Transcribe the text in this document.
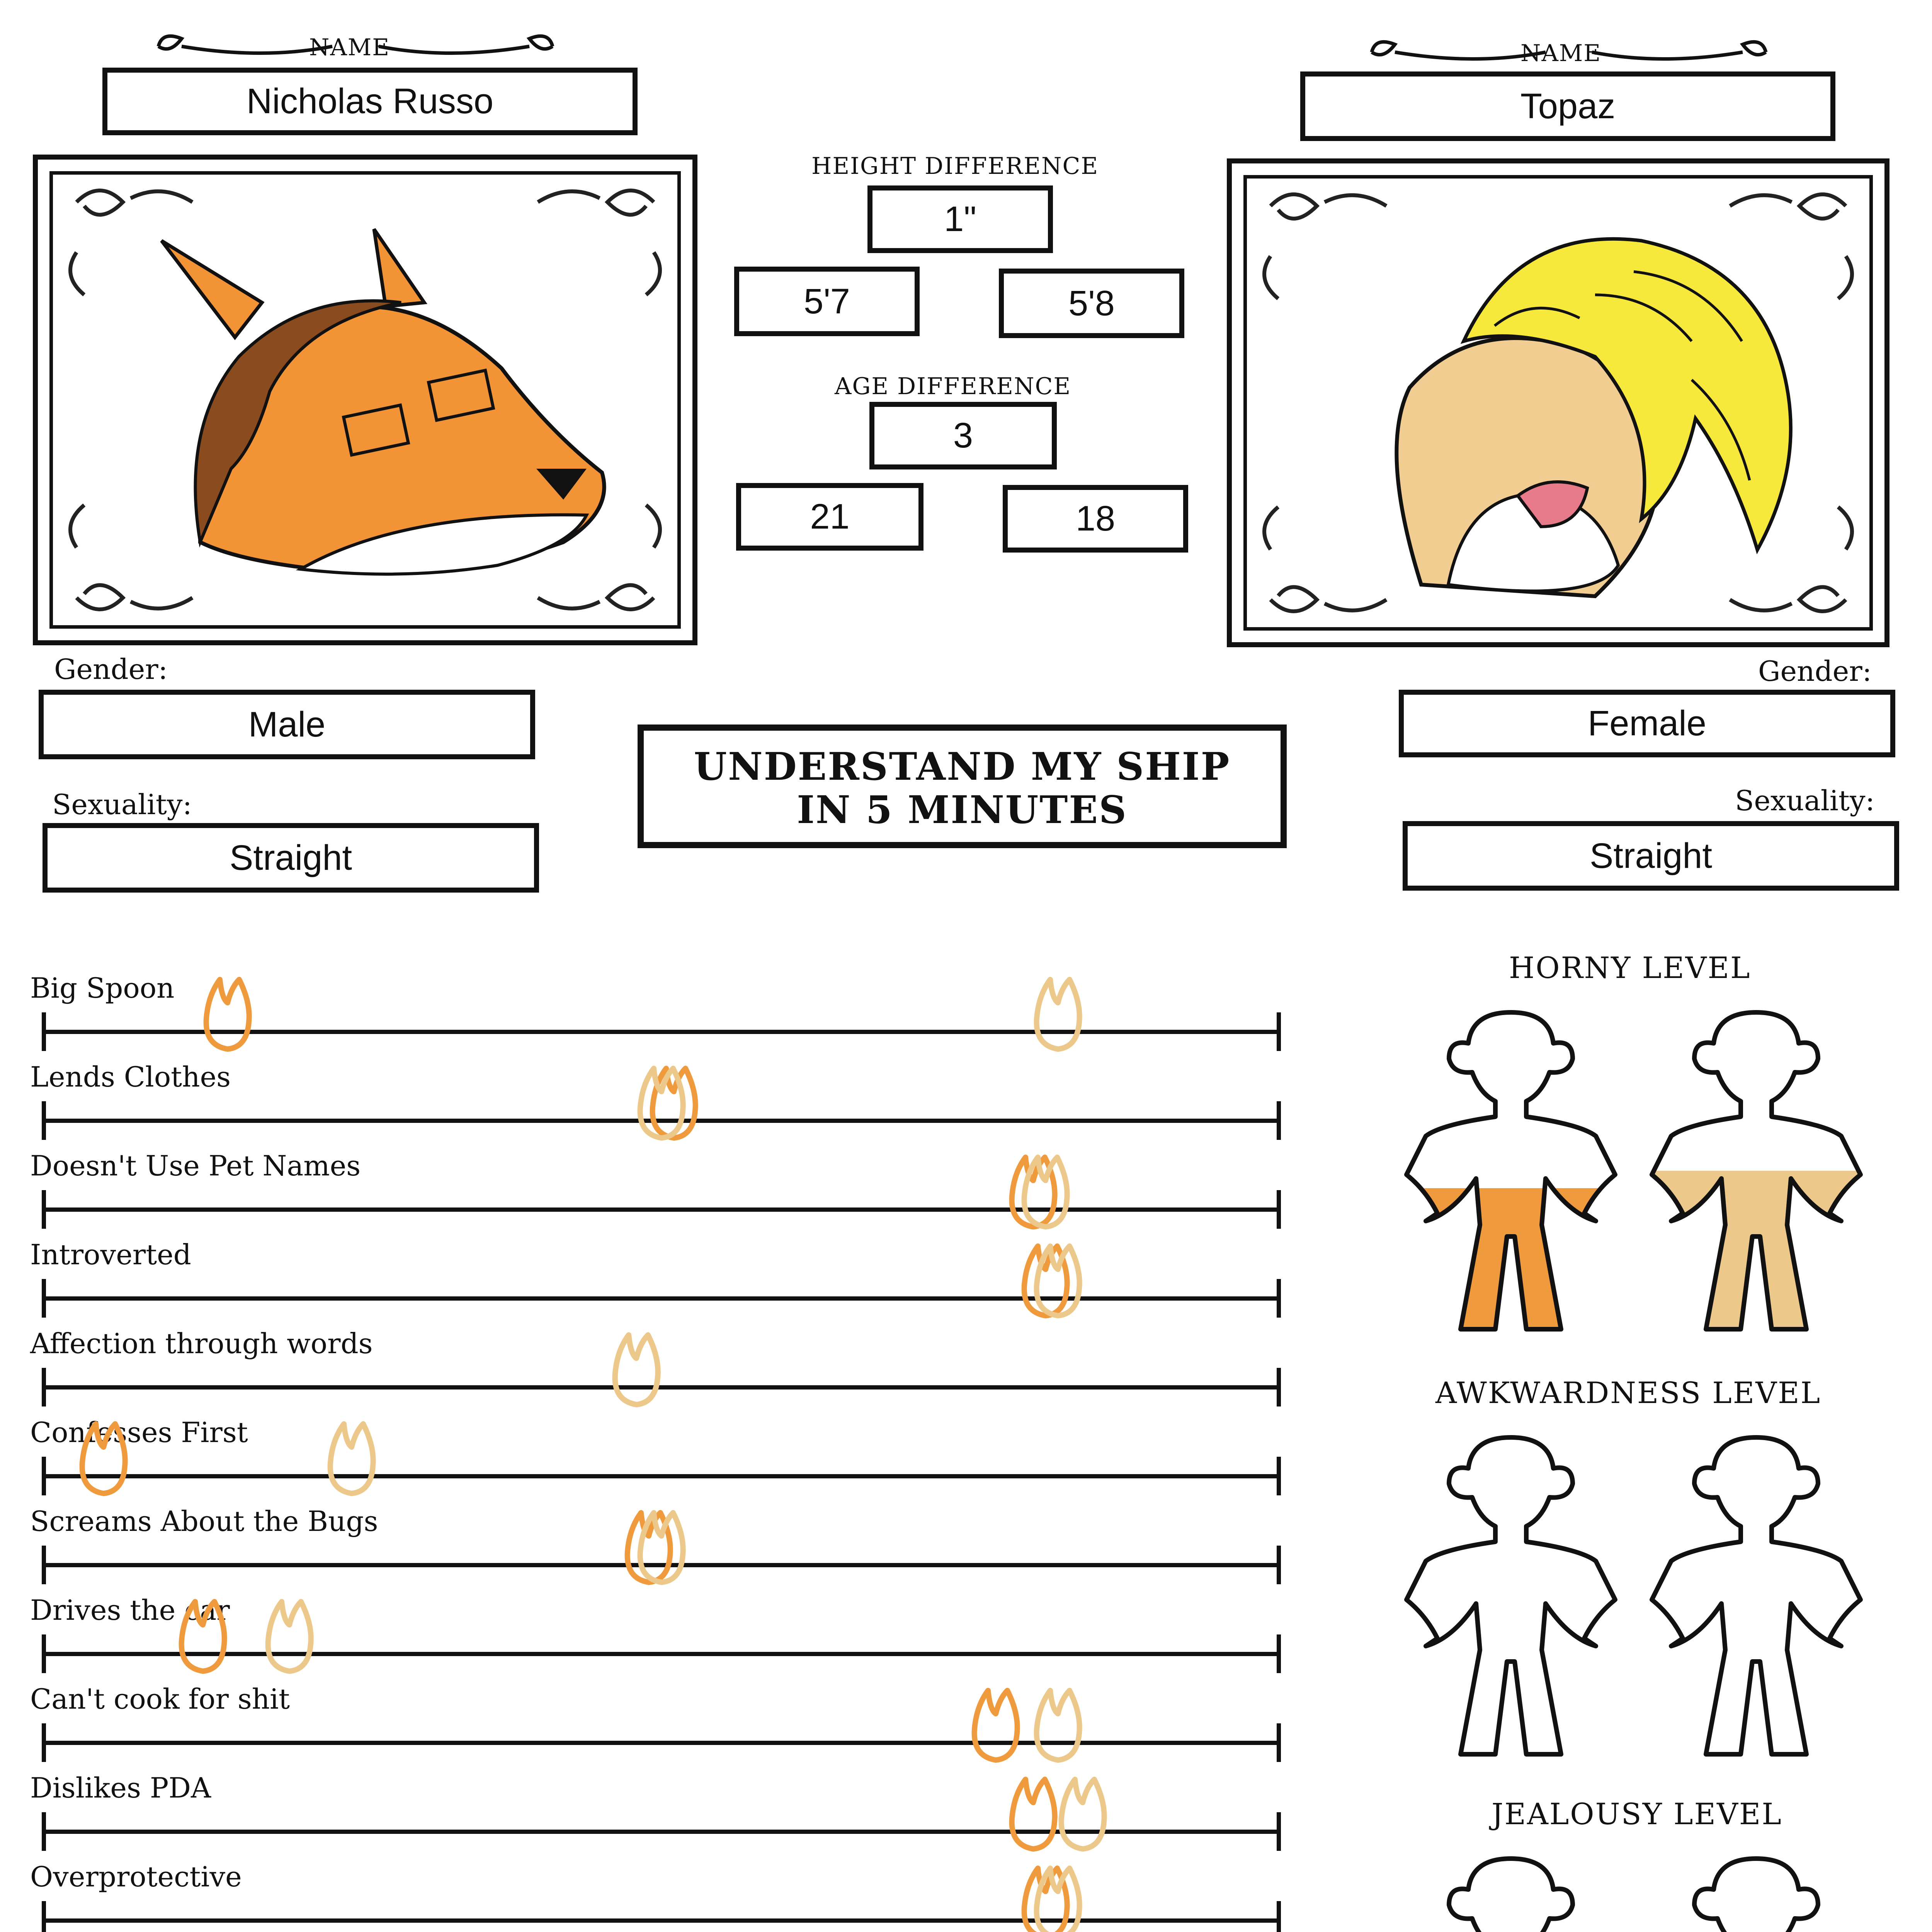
NAME
Nicholas Russo
NAME
Topaz
HEIGHT DIFFERENCE
1"
5'7	5'8
AGE DIFFERENCE
3
21	18
Gender:
Male
Sexuality:
Straight
Gender:
Female
Sexuality:
Straight
UNDERSTAND MY SHIP
IN 5 MINUTES
Big Spoon
Lends Clothes
Doesn't Use Pet Names
Introverted
Affection through words
Confesses First
Screams About the Bugs
Drives the car
Can't cook for shit
Dislikes PDA
Overprotective
HORNY LEVEL
AWKWARDNESS LEVEL
JEALOUSY LEVEL
